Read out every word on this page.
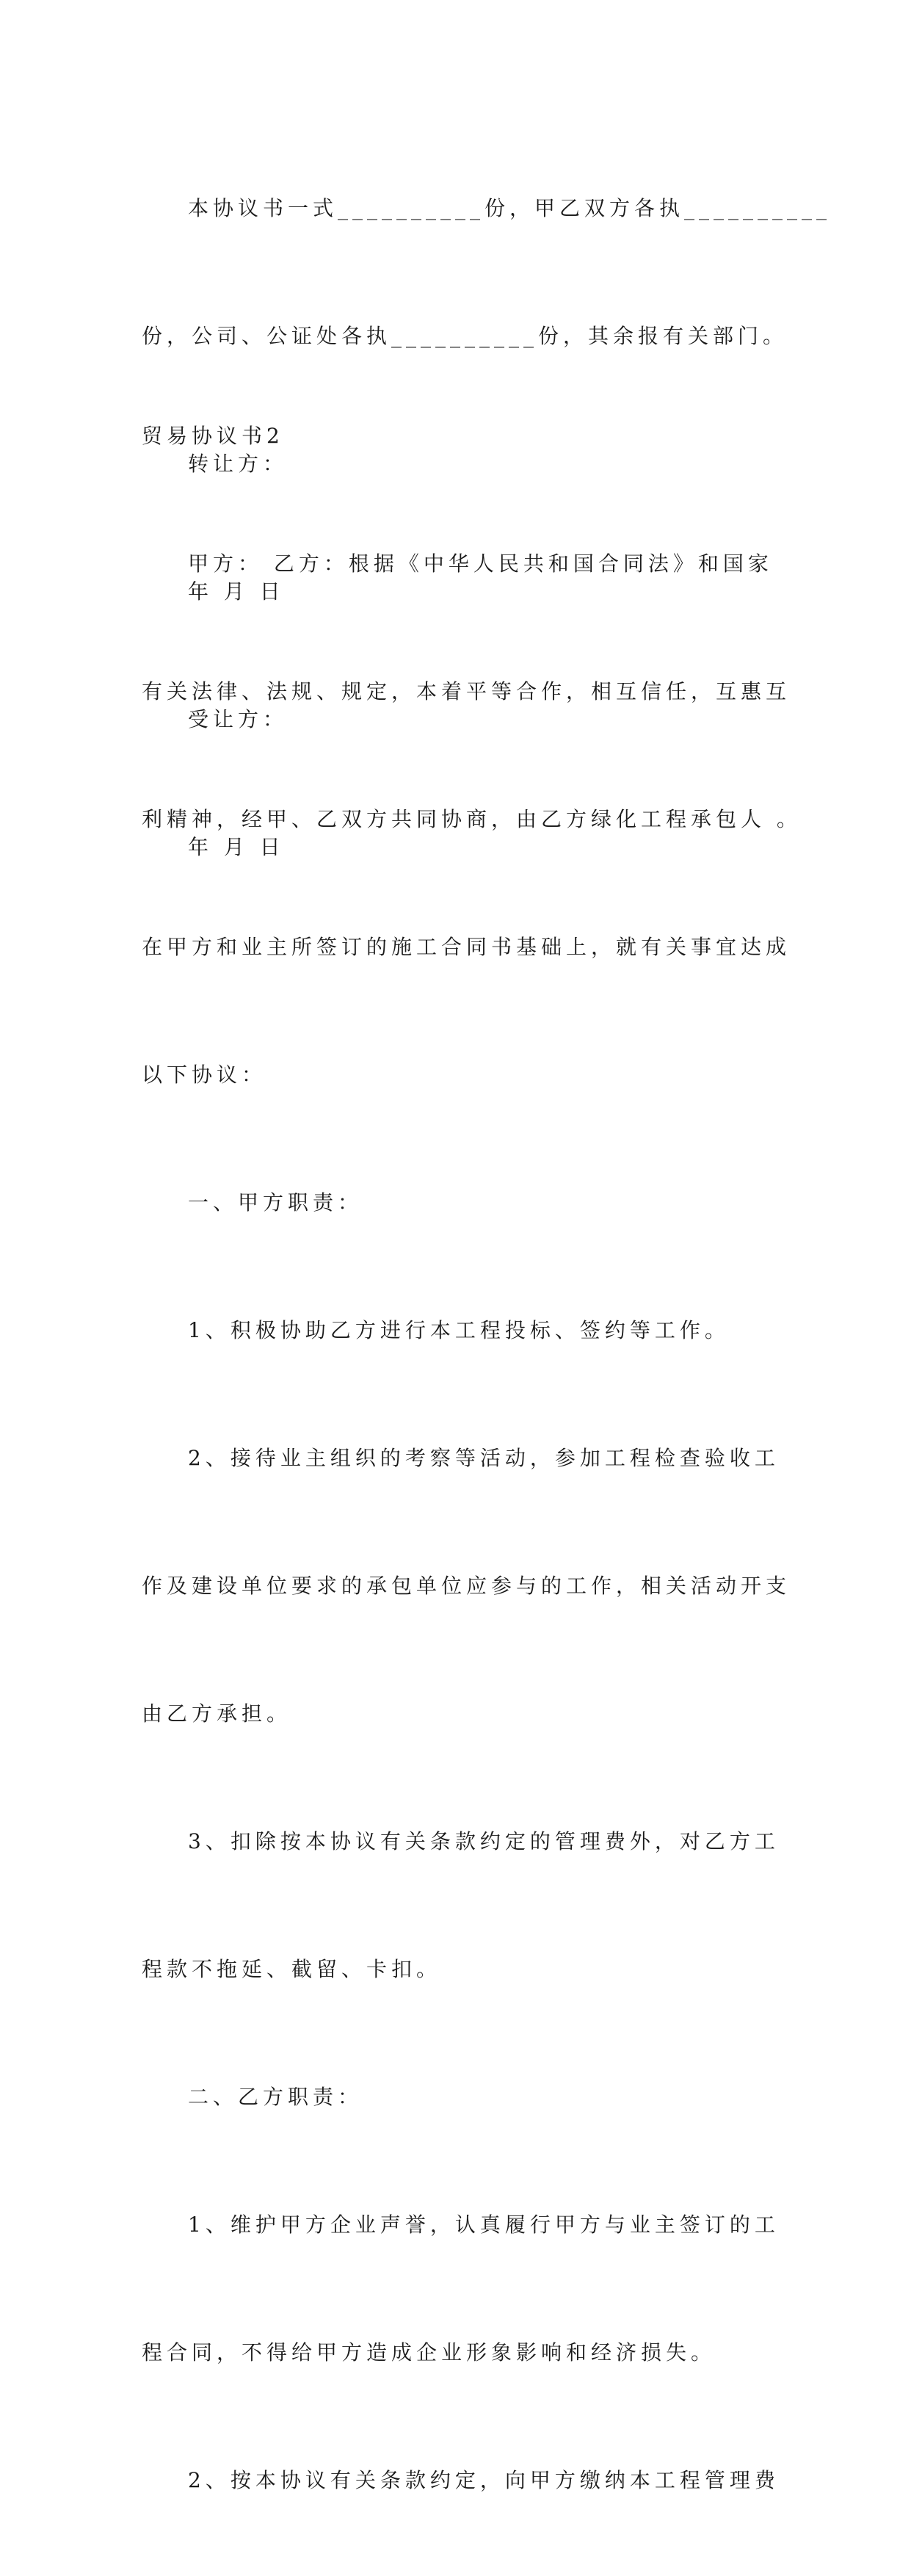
本协议书一式__________份，甲乙双方各执__________

份，公司、公证处各执__________份，其余报有关部门。

转让方：

年 月 日

受让方：

年 月 日

贸易协议书2

甲方： 乙方：根据《中华人民共和国合同法》和国家

有关法律、法规、规定，本着平等合作，相互信任，互惠互

利精神，经甲、乙双方共同协商，由乙方绿化工程承包人 。

在甲方和业主所签订的施工合同书基础上，就有关事宜达成

以下协议：

一、甲方职责：

1、积极协助乙方进行本工程投标、签约等工作。

2、接待业主组织的考察等活动，参加工程检查验收工

作及建设单位要求的承包单位应参与的工作，相关活动开支

由乙方承担。

3、扣除按本协议有关条款约定的管理费外，对乙方工

程款不拖延、截留、卡扣。

二、乙方职责：

1、维护甲方企业声誉，认真履行甲方与业主签订的工

程合同，不得给甲方造成企业形象影响和经济损失。

2、按本协议有关条款约定，向甲方缴纳本工程管理费
